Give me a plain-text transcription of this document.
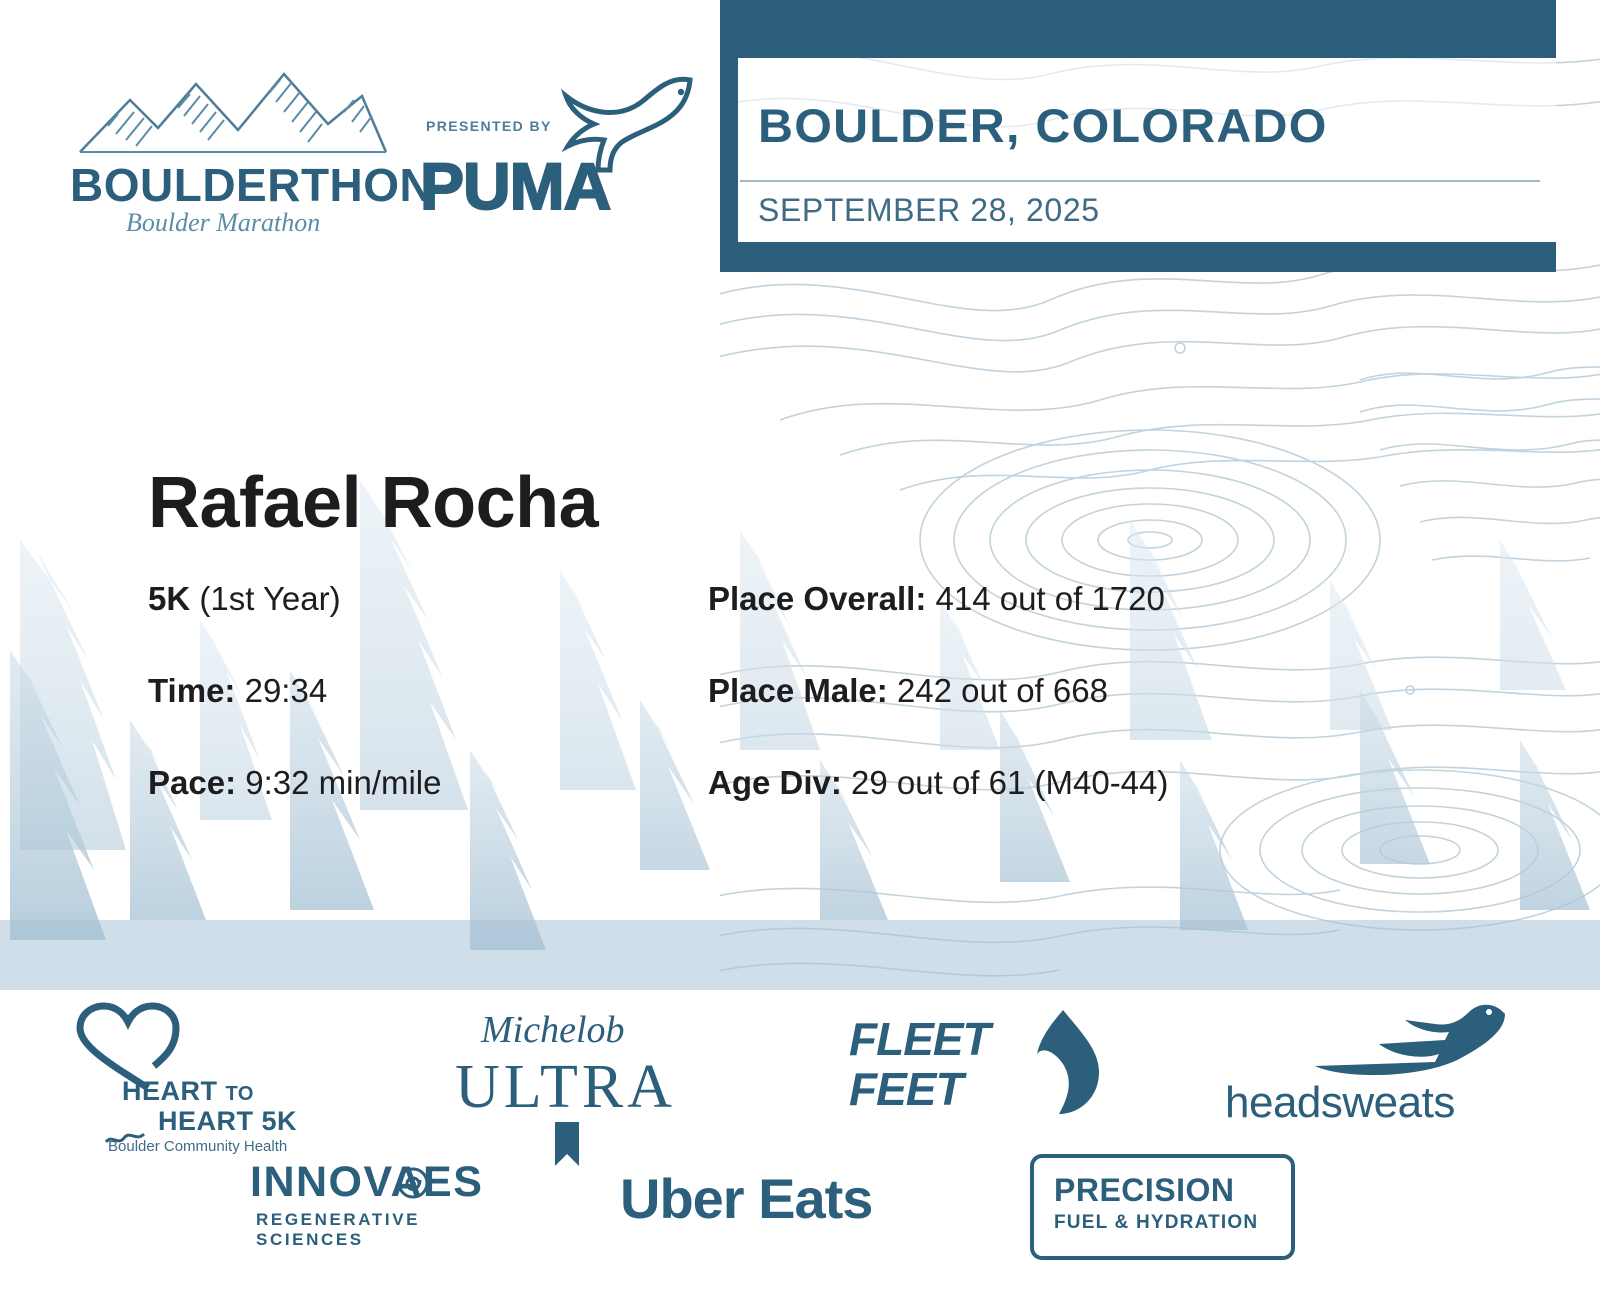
BOULDER, COLORADO
SEPTEMBER 28, 2025
BOULDERTHON
Boulder Marathon
PRESENTED BY
PUMA
Rafael Rocha
5K (1st Year)	Place Overall: 414 out of 1720
Time: 29:34	Place Male: 242 out of 668
Pace: 9:32 min/mile	Age Div: 29 out of 61 (M40-44)
HEART TO
HEART 5K
Boulder Community Health
Michelob
ULTRA
FLEET
FEET	headsweats
INNOVAES
REGENERATIVE SCIENCES
Uber Eats	PRECISION
FUEL & HYDRATION
